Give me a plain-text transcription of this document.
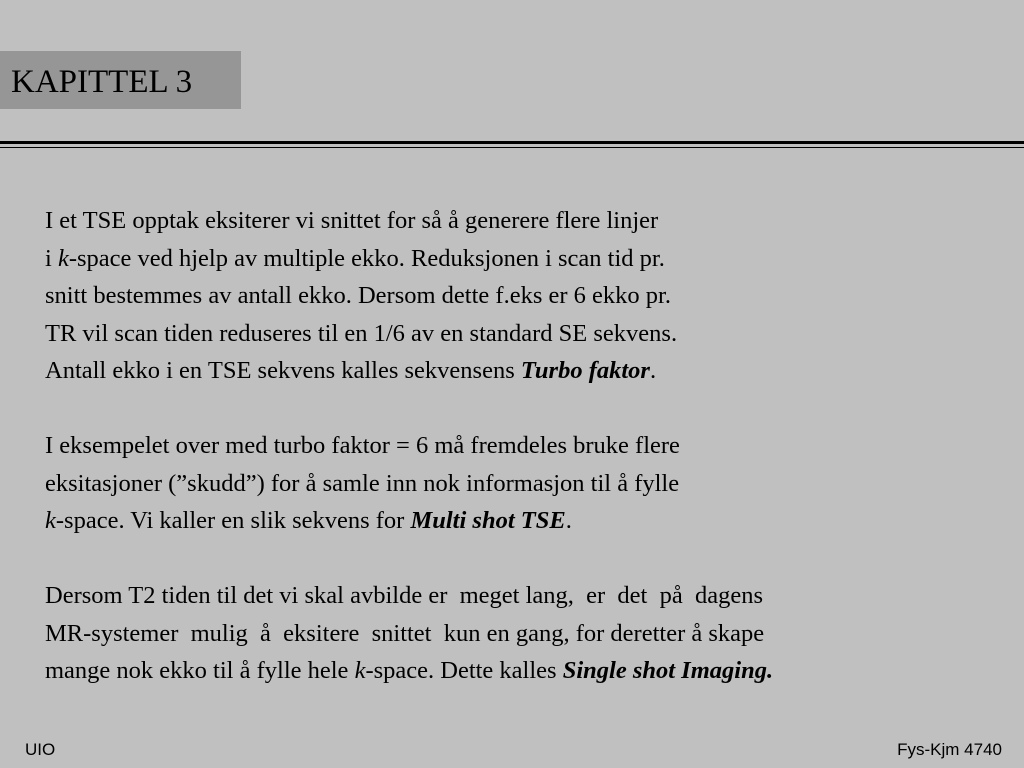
KAPITTEL 3
I et TSE opptak eksiterer vi snittet for så å generere flere linjer
i k-space ved hjelp av multiple ekko. Reduksjonen i scan tid pr.
snitt bestemmes av antall ekko. Dersom dette f.eks er 6 ekko pr.
TR vil scan tiden reduseres til en 1/6 av en standard SE sekvens.
Antall ekko i en TSE sekvens kalles sekvensens Turbo faktor.
I eksempelet over med turbo faktor = 6 må fremdeles bruke flere
eksitasjoner (”skudd”) for å samle inn nok informasjon til å fylle
k-space. Vi kaller en slik sekvens for Multi shot TSE.
Dersom T2 tiden til det vi skal avbilde er  meget lang,  er  det  på  dagens
MR-systemer  mulig  å  eksitere  snittet  kun en gang, for deretter å skape
mange nok ekko til å fylle hele k-space. Dette kalles Single shot Imaging.
UIO	Fys-Kjm 4740
